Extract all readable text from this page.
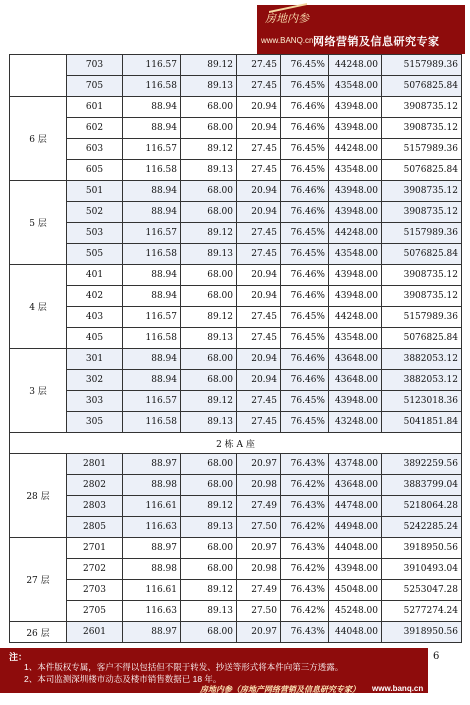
房地内参
www.BANQ.cn 网络营销及信息研究专家
	703	116.57	89.12	27.45	76.45%	44248.00	5157989.36
	705	116.58	89.13	27.45	76.45%	43548.00	5076825.84
6 层	601	88.94	68.00	20.94	76.46%	43948.00	3908735.12
	602	88.94	68.00	20.94	76.46%	43948.00	3908735.12
	603	116.57	89.12	27.45	76.45%	44248.00	5157989.36
	605	116.58	89.13	27.45	76.45%	43548.00	5076825.84
5 层	501	88.94	68.00	20.94	76.46%	43948.00	3908735.12
	502	88.94	68.00	20.94	76.46%	43948.00	3908735.12
	503	116.57	89.12	27.45	76.45%	44248.00	5157989.36
	505	116.58	89.13	27.45	76.45%	43548.00	5076825.84
4 层	401	88.94	68.00	20.94	76.46%	43948.00	3908735.12
	402	88.94	68.00	20.94	76.46%	43948.00	3908735.12
	403	116.57	89.12	27.45	76.45%	44248.00	5157989.36
	405	116.58	89.13	27.45	76.45%	43548.00	5076825.84
3 层	301	88.94	68.00	20.94	76.46%	43648.00	3882053.12
	302	88.94	68.00	20.94	76.46%	43648.00	3882053.12
	303	116.57	89.12	27.45	76.45%	43948.00	5123018.36
	305	116.58	89.13	27.45	76.45%	43248.00	5041851.84
2 栋 A 座							
28 层	2801	88.97	68.00	20.97	76.43%	43748.00	3892259.56
	2802	88.98	68.00	20.98	76.42%	43648.00	3883799.04
	2803	116.61	89.12	27.49	76.43%	44748.00	5218064.28
	2805	116.63	89.13	27.50	76.42%	44948.00	5242285.24
27 层	2701	88.97	68.00	20.97	76.43%	44048.00	3918950.56
	2702	88.98	68.00	20.98	76.42%	43948.00	3910493.04
	2703	116.61	89.12	27.49	76.43%	45048.00	5253047.28
	2705	116.63	89.13	27.50	76.42%	45248.00	5277274.24
26 层	2601	88.97	68.00	20.97	76.43%	44048.00	3918950.56
注：
1、本件版权专属，客户不得以包括但不限于转发、抄送等形式将本件向第三方透露。
2、本司监测深圳楼市动态及楼市销售数据已 18 年。
6
房地内参（房地产网络营销及信息研究专家） www.banq.cn
